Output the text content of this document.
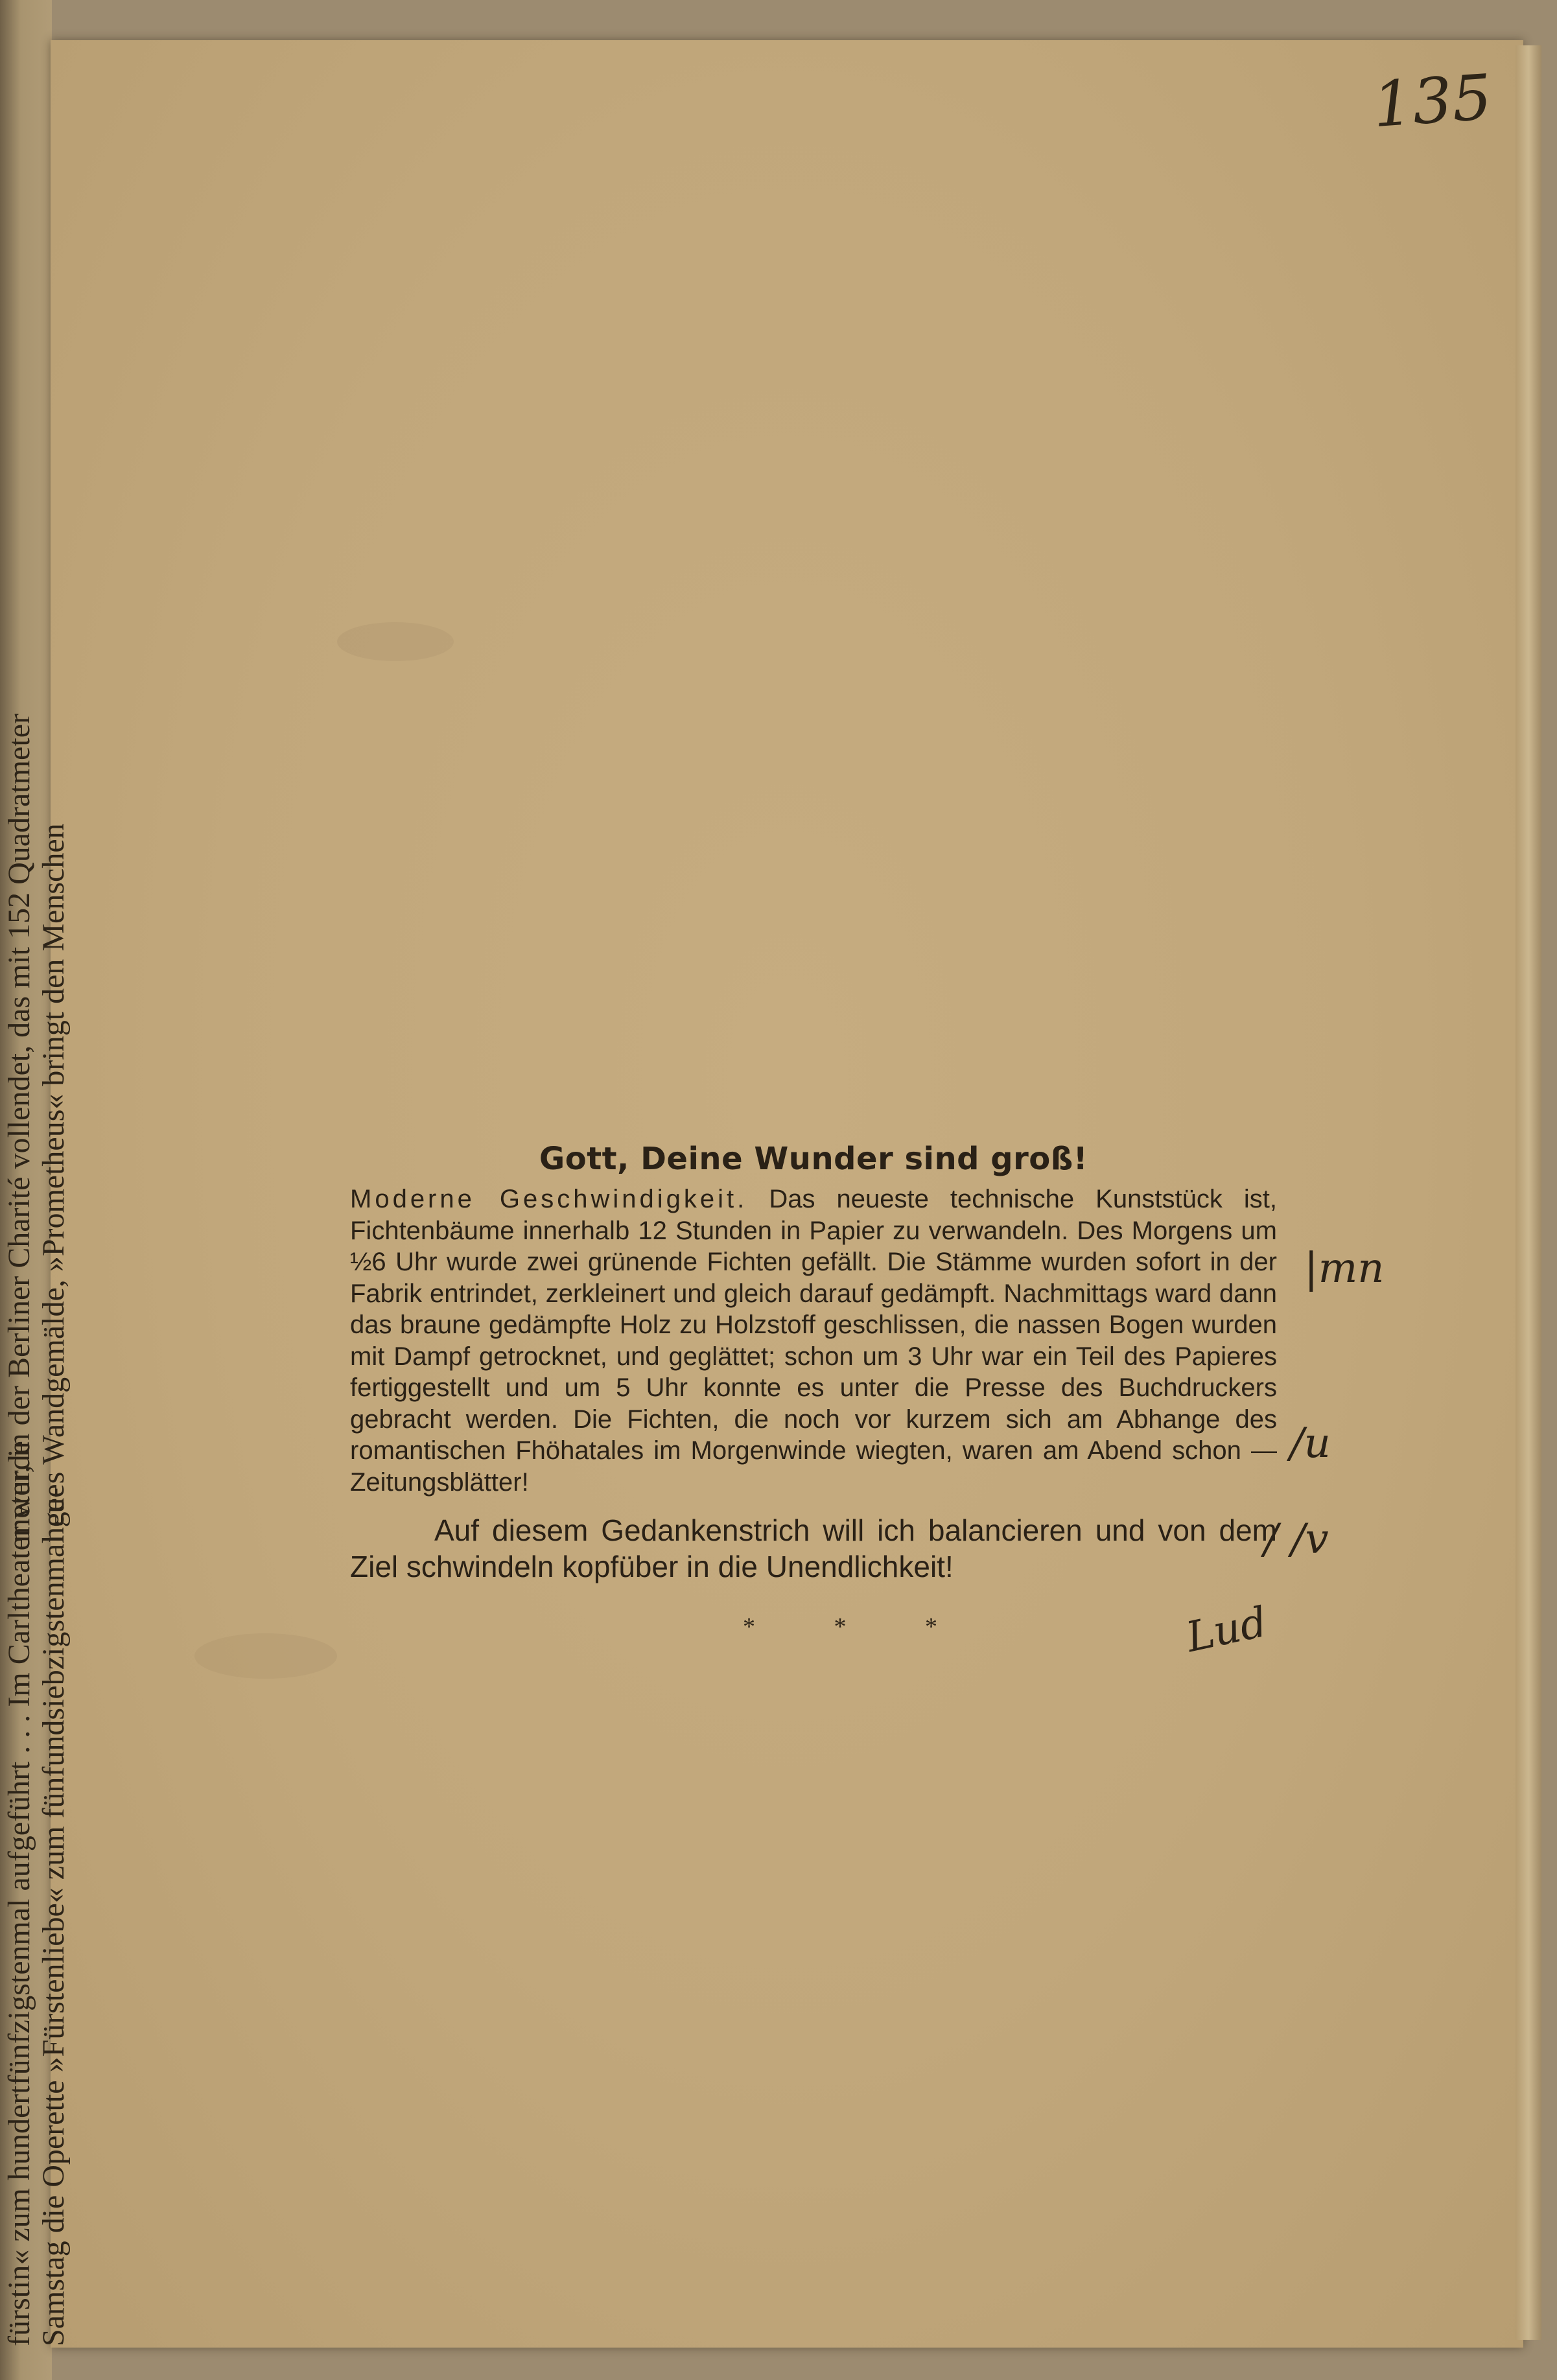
fürstin« zum hundertfünfzigstenmal aufgeführt . . . Im Carltheater wurde Samstag die Operette »Fürstenliebe« zum fünfundsiebzigstenmal ge-
meter, in der Berliner Charité vollendet, das mit 152 Quadratmeter neues Wandgemälde, »Prometheus« bringt den Menschen
135
Gott, Deine Wunder sind groß!

Moderne Geschwindigkeit. Das neueste technische Kunststück ist, Fichtenbäume innerhalb 12 Stunden in Papier zu verwandeln. Des Morgens um ½6 Uhr wurde zwei grünende Fichten gefällt. Die Stämme wurden sofort in der Fabrik entrindet, zerkleinert und gleich darauf gedämpft. Nachmittags ward dann das braune gedämpfte Holz zu Holzstoff geschlissen, die nassen Bogen wurden mit Dampf getrocknet, und geglättet; schon um 3 Uhr war ein Teil des Papieres fertiggestellt und um 5 Uhr konnte es unter die Presse des Buchdruckers gebracht werden. Die Fichten, die noch vor kurzem sich am Abhange des romantischen Fhöhatales im Morgenwinde wiegten, waren am Abend schon — Zeitungsblätter!

Auf diesem Gedankenstrich will ich balancieren und von dem Ziel schwindeln kopfüber in die Unendlichkeit!

* * *
|mn
/u
/ /v
Lud
